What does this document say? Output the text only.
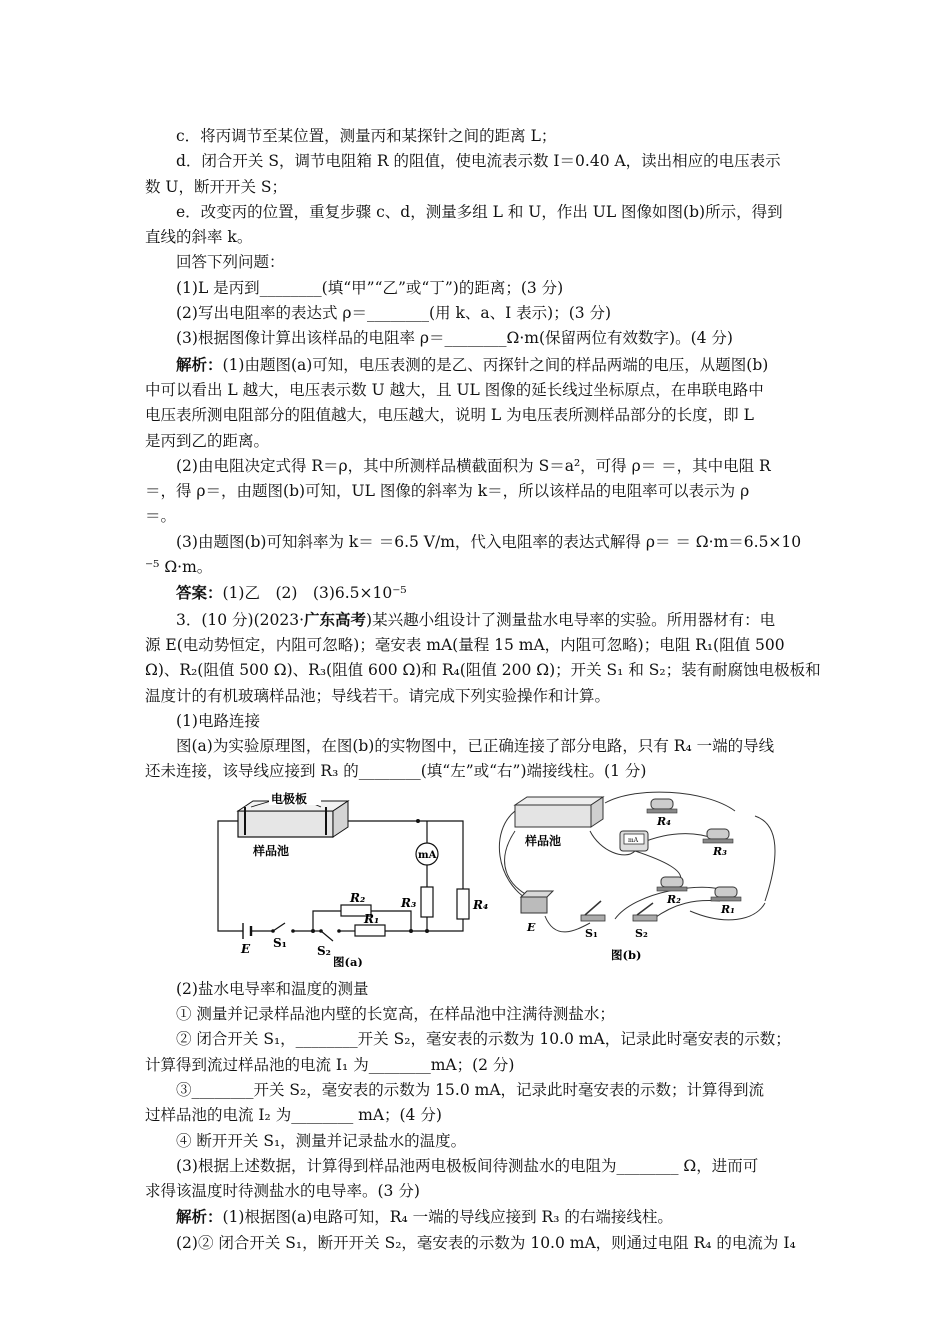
c．将丙调节至某位置，测量丙和某探针之间的距离 L；

d．闭合开关 S，调节电阻箱 R 的阻值，使电流表示数 I＝0.40 A，读出相应的电压表示

数 U，断开开关 S；

e．改变丙的位置，重复步骤 c、d，测量多组 L 和 U，作出 UL 图像如图(b)所示，得到

直线的斜率 k。

回答下列问题：

(1)L 是丙到________(填“甲”“乙”或“丁”)的距离；(3 分)

(2)写出电阻率的表达式 ρ＝________(用 k、a、I 表示)；(3 分)

(3)根据图像计算出该样品的电阻率 ρ＝________Ω·m(保留两位有效数字)。(4 分)

解析：(1)由题图(a)可知，电压表测的是乙、丙探针之间的样品两端的电压，从题图(b)

中可以看出 L 越大，电压表示数 U 越大，且 UL 图像的延长线过坐标原点，在串联电路中

电压表所测电阻部分的阻值越大，电压越大，说明 L 为电压表所测样品部分的长度，即 L

是丙到乙的距离。

(2)由电阻决定式得 R＝ρ，其中所测样品横截面积为 S＝a²，可得 ρ＝ ＝，其中电阻 R

＝，得 ρ＝，由题图(b)可知，UL 图像的斜率为 k＝，所以该样品的电阻率可以表示为 ρ

＝。

(3)由题图(b)可知斜率为 k＝ ＝6.5 V/m，代入电阻率的表达式解得 ρ＝ ＝ Ω·m＝6.5×10

⁻⁵ Ω·m。

答案：(1)乙　(2)　(3)6.5×10⁻⁵

3．(10 分)(2023·广东高考)某兴趣小组设计了测量盐水电导率的实验。所用器材有：电

源 E(电动势恒定，内阻可忽略)；毫安表 mA(量程 15 mA，内阻可忽略)；电阻 R₁(阻值 500

Ω)、R₂(阻值 500 Ω)、R₃(阻值 600 Ω)和 R₄(阻值 200 Ω)；开关 S₁ 和 S₂；装有耐腐蚀电极板和

温度计的有机玻璃样品池；导线若干。请完成下列实验操作和计算。

(1)电路连接

图(a)为实验原理图，在图(b)的实物图中，已正确连接了部分电路，只有 R₄ 一端的导线

还未连接，该导线应接到 R₃ 的________(填“左”或“右”)端接线柱。(1 分)

电极板
样品池	mA
R₂
R₁
R₃	R₄
E S₁
S₂
图(a)
样品池	mA
R₄
R₃
R₂
R₁
E	S₁	S₂
图(b)

(2)盐水电导率和温度的测量

① 测量并记录样品池内壁的长宽高，在样品池中注满待测盐水；

② 闭合开关 S₁，________开关 S₂，毫安表的示数为 10.0 mA，记录此时毫安表的示数；

计算得到流过样品池的电流 I₁ 为________mA；(2 分)

③________开关 S₂，毫安表的示数为 15.0 mA，记录此时毫安表的示数；计算得到流

过样品池的电流 I₂ 为________ mA；(4 分)

④ 断开开关 S₁，测量并记录盐水的温度。

(3)根据上述数据，计算得到样品池两电极板间待测盐水的电阻为________ Ω，进而可

求得该温度时待测盐水的电导率。(3 分)

解析：(1)根据图(a)电路可知，R₄ 一端的导线应接到 R₃ 的右端接线柱。

(2)② 闭合开关 S₁，断开开关 S₂，毫安表的示数为 10.0 mA，则通过电阻 R₄ 的电流为 I₄
